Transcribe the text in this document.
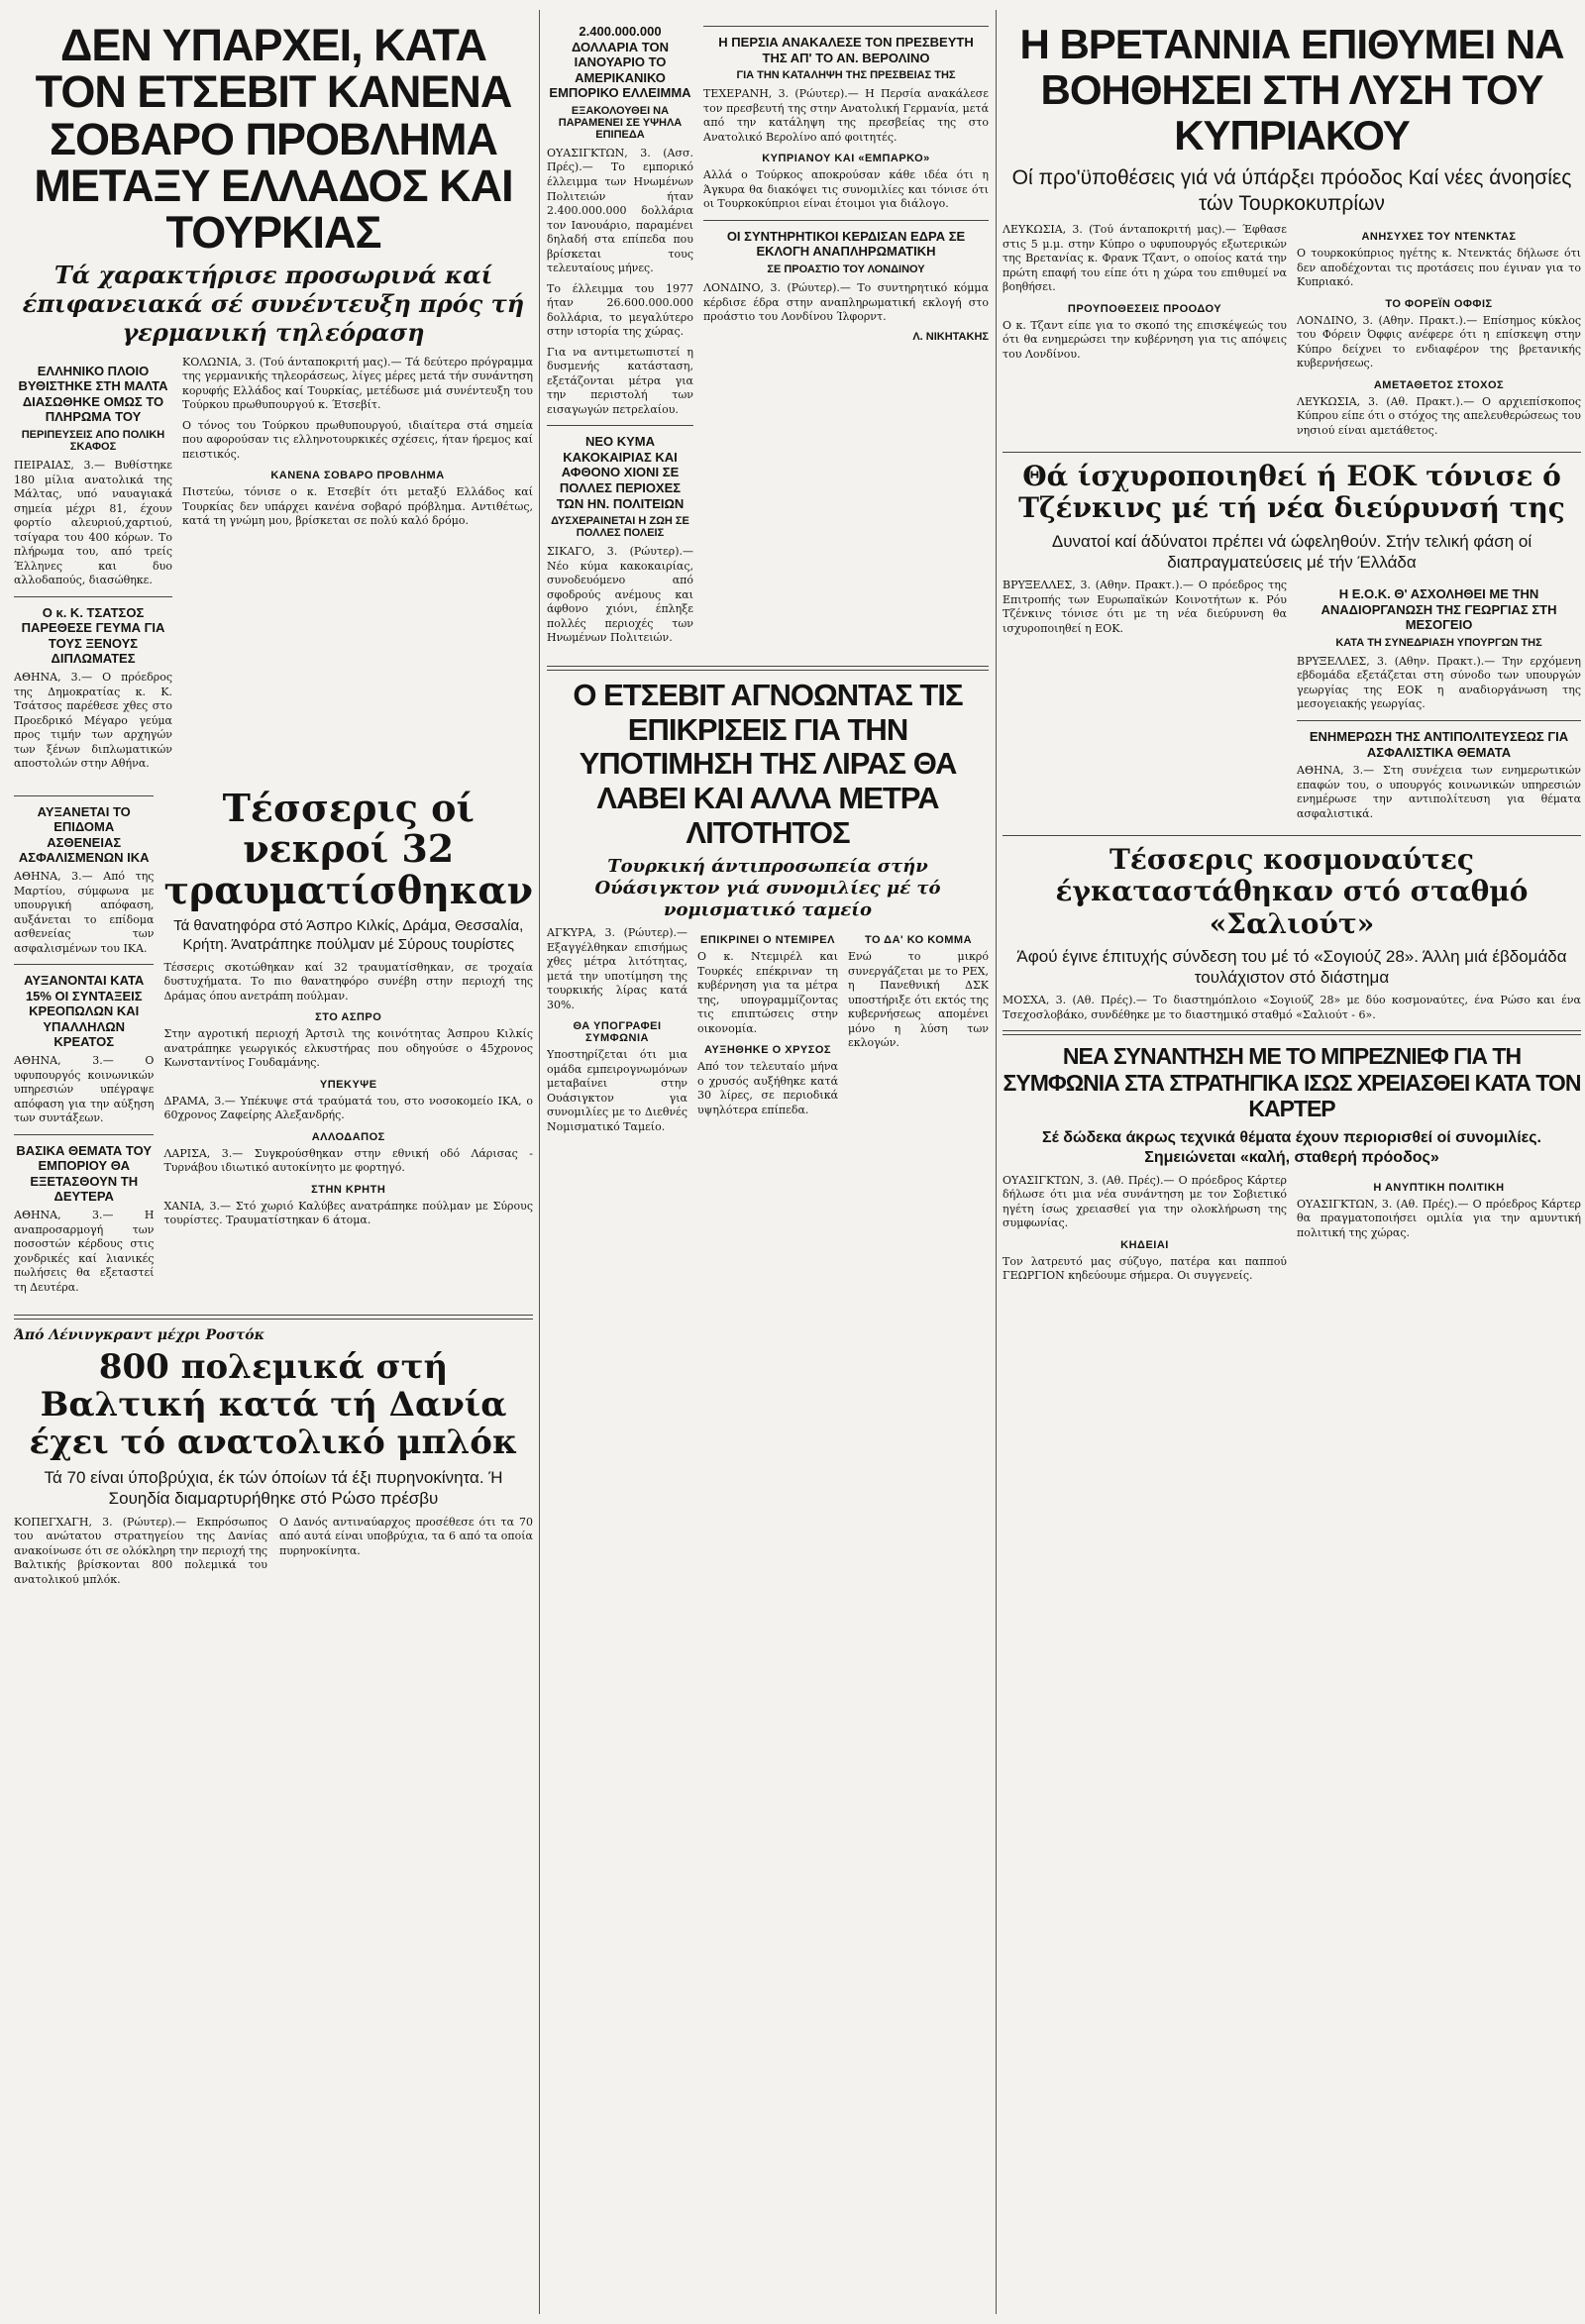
ΔΕΝ ΥΠΑΡΧΕΙ, ΚΑΤΑ ΤΟΝ ΕΤΣΕΒΙΤ ΚΑΝΕΝΑ ΣΟΒΑΡΟ ΠΡΟΒΛΗΜΑ ΜΕΤΑΞΥ ΕΛΛΑΔΟΣ ΚΑΙ ΤΟΥΡΚΙΑΣ

Τά χαρακτήρισε προσωρινά καί έπιφανειακά σέ συνέντευξη πρός τή γερμανική τηλεόραση

ΕΛΛΗΝΙΚΟ ΠΛΟΙΟ ΒΥΘΙΣΤΗΚΕ ΣΤΗ ΜΑΛΤΑ ΔΙΑΣΩΘΗΚΕ ΟΜΩΣ ΤΟ ΠΛΗΡΩΜΑ ΤΟΥ
ΠΕΡΙΠΕΥΣΕΙΣ ΑΠΟ ΠΟΛΙΚΗ ΣΚΑΦΟΣ

ΠΕΙΡΑΙΑΣ, 3.— Βυθίστηκε 180 μίλια ανατολικά της Μάλτας, υπό ναυαγιακά σημεία μέχρι 81, έχουν φορτίο αλευριού,χαρτιού, τσίγαρα του 400 κόρων. Το πλήρωμα του, από τρείς Έλληνες και δυο αλλοδαπούς, διασώθηκε.

Ο κ. Κ. ΤΣΑΤΣΟΣ ΠΑΡΕΘΕΣΕ ΓΕΥΜΑ ΓΙΑ ΤΟΥΣ ΞΕΝΟΥΣ ΔΙΠΛΩΜΑΤΕΣ

ΑΘΗΝΑ, 3.— Ο πρόεδρος της Δημοκρατίας κ. Κ. Τσάτσος παρέθεσε χθες στο Προεδρικό Μέγαρο γεύμα προς τιμήν των αρχηγών των ξένων διπλωματικών αποστολών στην Αθήνα.

ΚΟΛΩΝΙΑ, 3. (Τού άνταποκριτή μας).— Τά δεύτερο πρόγραμμα της γερμανικής τηλεοράσεως, λίγες μέρες μετά τήν συνάντηση κορυφής Ελλάδος καί Τουρκίας, μετέδωσε μιά συνέντευξη του Τούρκου πρωθυπουργού κ. Έτσεβίτ.

Ο τόνος του Τούρκου πρωθυπουργού, ιδιαίτερα στά σημεία που αφορούσαν τις ελληνοτουρκικές σχέσεις, ήταν ήρεμος καί πειστικός.

ΚΑΝΕΝΑ ΣΟΒΑΡΟ ΠΡΟΒΛΗΜΑ

Πιστεύω, τόνισε ο κ. Ετσεβίτ ότι μεταξύ Ελλάδος καί Τουρκίας δεν υπάρχει κανένα σοβαρό πρόβλημα. Αντιθέτως, κατά τη γνώμη μου, βρίσκεται σε πολύ καλό δρόμο.

ΑΥΞΑΝΕΤΑΙ ΤΟ ΕΠΙΔΟΜΑ ΑΣΘΕΝΕΙΑΣ ΑΣΦΑΛΙΣΜΕΝΩΝ ΙΚΑ

ΑΘΗΝΑ, 3.— Από της Μαρτίου, σύμφωνα με υπουργική απόφαση, αυξάνεται το επίδομα ασθενείας των ασφαλισμένων του ΙΚΑ.

ΑΥΞΑΝΟΝΤΑΙ ΚΑΤΑ 15% ΟΙ ΣΥΝΤΑΞΕΙΣ ΚΡΕΟΠΩΛΩΝ ΚΑΙ ΥΠΑΛΛΗΛΩΝ ΚΡΕΑΤΟΣ

ΑΘΗΝΑ, 3.— Ο υφυπουργός κοινωνικών υπηρεσιών υπέγραψε απόφαση για την αύξηση των συντάξεων.

ΒΑΣΙΚΑ ΘΕΜΑΤΑ ΤΟΥ ΕΜΠΟΡΙΟΥ ΘΑ ΕΞΕΤΑΣΘΟΥΝ ΤΗ ΔΕΥΤΕΡΑ

ΑΘΗΝΑ, 3.— Η αναπροσαρμογή των ποσοστών κέρδους στις χονδρικές καί λιανικές πωλήσεις θα εξεταστεί τη Δευτέρα.

Τέσσερις οί νεκροί 32 τραυματίσθηκαν

Τά θανατηφόρα στό Άσπρο Κιλκίς, Δράμα, Θεσσαλία, Κρήτη. Άνατράπηκε πούλμαν μέ Σύρους τουρίστες

Τέσσερις σκοτώθηκαν καί 32 τραυματίσθηκαν, σε τροχαία δυστυχήματα. Το πιο θανατηφόρο συνέβη στην περιοχή της Δράμας όπου ανετράπη πούλμαν.

ΣΤΟ ΑΣΠΡΟ

Στην αγροτική περιοχή Άρτσιλ της κοινότητας Άσπρου Κιλκίς ανατράπηκε γεωργικός ελκυστήρας που οδηγούσε ο 45χρονος Κωνσταντίνος Γουδαμάνης.

ΥΠΕΚΥΨΕ

ΔΡΑΜΑ, 3.— Υπέκυψε στά τραύματά του, στο νοσοκομείο ΙΚΑ, ο 60χρονος Ζαφείρης Αλεξανδρής.

ΑΛΛΟΔΑΠΟΣ

ΛΑΡΙΣΑ, 3.— Συγκρούσθηκαν στην εθνική οδό Λάρισας - Τυρνάβου ιδιωτικό αυτοκίνητο με φορτηγό.

ΣΤΗΝ ΚΡΗΤΗ

ΧΑΝΙΑ, 3.— Στό χωριό Καλύβες ανατράπηκε πούλμαν με Σύρους τουρίστες. Τραυματίστηκαν 6 άτομα.

Άπό Λένινγκραντ μέχρι Ροστόκ

800 πολεμικά στή Βαλτική κατά τή Δανία έχει τό ανατολικό μπλόκ

Τά 70 είναι ύποβρύχια, έκ τών όποίων τά έξι πυρηνοκίνητα. Ή Σουηδία διαμαρτυρήθηκε στό Ρώσο πρέσβυ

ΚΟΠΕΓΧΑΓΗ, 3. (Ρώυτερ).— Εκπρόσωπος του ανώτατου στρατηγείου της Δανίας ανακοίνωσε ότι σε ολόκληρη την περιοχή της Βαλτικής βρίσκονται 800 πολεμικά του ανατολικού μπλόκ.

Ο Δανός αντιναύαρχος προσέθεσε ότι τα 70 από αυτά είναι υποβρύχια, τα 6 από τα οποία πυρηνοκίνητα.

2.400.000.000 ΔΟΛΛΑΡΙΑ ΤΟΝ ΙΑΝΟΥΑΡΙΟ ΤΟ ΑΜΕΡΙΚΑΝΙΚΟ ΕΜΠΟΡΙΚΟ ΕΛΛΕΙΜΜΑ
ΕΞΑΚΟΛΟΥΘΕΙ ΝΑ ΠΑΡΑΜΕΝΕΙ ΣΕ ΥΨΗΛΑ ΕΠΙΠΕΔΑ

ΟΥΑΣΙΓΚΤΩΝ, 3. (Ασσ. Πρές).— Το εμπορικό έλλειμμα των Ηνωμένων Πολιτειών ήταν 2.400.000.000 δολλάρια τον Ιανουάριο, παραμένει δηλαδή στα επίπεδα που βρίσκεται τους τελευταίους μήνες.

Το έλλειμμα του 1977 ήταν 26.600.000.000 δολλάρια, το μεγαλύτερο στην ιστορία της χώρας.

Για να αντιμετωπιστεί η δυσμενής κατάσταση, εξετάζονται μέτρα για την περιστολή των εισαγωγών πετρελαίου.

ΝΕΟ ΚΥΜΑ ΚΑΚΟΚΑΙΡΙΑΣ ΚΑΙ ΑΦΘΟΝΟ ΧΙΟΝΙ ΣΕ ΠΟΛΛΕΣ ΠΕΡΙΟΧΕΣ ΤΩΝ ΗΝ. ΠΟΛΙΤΕΙΩΝ
ΔΥΣΧΕΡΑΙΝΕΤΑΙ Η ΖΩΗ ΣΕ ΠΟΛΛΕΣ ΠΟΛΕΙΣ

ΣΙΚΑΓΟ, 3. (Ρώυτερ).— Νέο κύμα κακοκαιρίας, συνοδευόμενο από σφοδρούς ανέμους και άφθονο χιόνι, έπληξε πολλές περιοχές των Ηνωμένων Πολιτειών.

Η ΠΕΡΣΙΑ ΑΝΑΚΑΛΕΣΕ ΤΟΝ ΠΡΕΣΒΕΥΤΗ ΤΗΣ ΑΠ' ΤΟ ΑΝ. ΒΕΡΟΛΙΝΟ
ΓΙΑ ΤΗΝ ΚΑΤΑΛΗΨΗ ΤΗΣ ΠΡΕΣΒΕΙΑΣ ΤΗΣ

ΤΕΧΕΡΑΝΗ, 3. (Ρώυτερ).— Η Περσία ανακάλεσε τον πρεσβευτή της στην Ανατολική Γερμανία, μετά από την κατάληψη της πρεσβείας της στο Ανατολικό Βερολίνο από φοιτητές.

ΚΥΠΡΙΑΝΟΥ ΚΑΙ «ΕΜΠΑΡΚΟ»

Αλλά ο Τούρκος αποκρούσαν κάθε ιδέα ότι η Άγκυρα θα διακόψει τις συνομιλίες και τόνισε ότι οι Τουρκοκύπριοι είναι έτοιμοι για διάλογο.

ΟΙ ΣΥΝΤΗΡΗΤΙΚΟΙ ΚΕΡΔΙΣΑΝ ΕΔΡΑ ΣΕ ΕΚΛΟΓΗ ΑΝΑΠΛΗΡΩΜΑΤΙΚΗ
ΣΕ ΠΡΟΑΣΤΙΟ ΤΟΥ ΛΟΝΔΙΝΟΥ

ΛΟΝΔΙΝΟ, 3. (Ρώυτερ).— Το συντηρητικό κόμμα κέρδισε έδρα στην αναπληρωματική εκλογή στο προάστιο του Λονδίνου Ίλφορντ.

Λ. ΝΙΚΗΤΑΚΗΣ
Ο ΕΤΣΕΒΙΤ ΑΓΝΟΩΝΤΑΣ ΤΙΣ ΕΠΙΚΡΙΣΕΙΣ ΓΙΑ ΤΗΝ ΥΠΟΤΙΜΗΣΗ ΤΗΣ ΛΙΡΑΣ ΘΑ ΛΑΒΕΙ ΚΑΙ ΑΛΛΑ ΜΕΤΡΑ ΛΙΤΟΤΗΤΟΣ

Τουρκική άντιπροσωπεία στήν Ούάσιγκτον γιά συνομιλίες μέ τό νομισματικό ταμείο

ΑΓΚΥΡΑ, 3. (Ρώυτερ).— Εξαγγέλθηκαν επισήμως χθες μέτρα λιτότητας, μετά την υποτίμηση της τουρκικής λίρας κατά 30%.

ΘΑ ΥΠΟΓΡΑΦΕΙ ΣΥΜΦΩΝΙΑ

Υποστηρίζεται ότι μια ομάδα εμπειρογνωμόνων μεταβαίνει στην Ουάσιγκτον για συνομιλίες με το Διεθνές Νομισματικό Ταμείο.

ΕΠΙΚΡΙΝΕΙ Ο ΝΤΕΜΙΡΕΛ

Ο κ. Ντεμιρέλ και Τουρκές επέκριναν τη κυβέρνηση για τα μέτρα της, υπογραμμίζοντας τις επιπτώσεις στην οικονομία.

ΑΥΞΗΘΗΚΕ Ο ΧΡΥΣΟΣ

Από τον τελευταίο μήνα ο χρυσός αυξήθηκε κατά 30 λίρες, σε περιοδικά υψηλότερα επίπεδα.

ΤΟ ΔΑ' ΚΟ ΚΟΜΜΑ

Ενώ το μικρό συνεργάζεται με το ΡΕΧ, η Πανεθνική ΔΣΚ υποστήριξε ότι εκτός της κυβερνήσεως απομένει μόνο η λύση των εκλογών.

Η ΒΡΕΤΑΝΝΙΑ ΕΠΙΘΥΜΕΙ ΝΑ ΒΟΗΘΗΣΕΙ ΣΤΗ ΛΥΣΗ ΤΟΥ ΚΥΠΡΙΑΚΟΥ

Οί προ'ϋποθέσεις γιά νά ύπάρξει πρόοδος Καί νέες άνοησίες τών Τουρκοκυπρίων

ΛΕΥΚΩΣΙΑ, 3. (Τού άνταποκριτή μας).— Έφθασε στις 5 μ.μ. στην Κύπρο ο υφυπουργός εξωτερικών της Βρετανίας κ. Φρανκ Τζαντ, ο οποίος κατά την πρώτη επαφή του είπε ότι η χώρα του επιθυμεί να βοηθήσει.

ΠΡΟΥΠΟΘΕΣΕΙΣ ΠΡΟΟΔΟΥ

Ο κ. Τζαντ είπε για το σκοπό της επισκέψεώς του ότι θα ενημερώσει την κυβέρνηση για τις απόψεις του Λονδίνου.

ΑΝΗΣΥΧΕΣ ΤΟΥ ΝΤΕΝΚΤΑΣ

Ο τουρκοκύπριος ηγέτης κ. Ντενκτάς δήλωσε ότι δεν αποδέχονται τις προτάσεις που έγιναν για το Κυπριακό.

ΤΟ ΦΟΡΕΪΝ ΟΦΦΙΣ

ΛΟΝΔΙΝΟ, 3. (Αθην. Πρακτ.).— Επίσημος κύκλος του Φόρειν Όφφις ανέφερε ότι η επίσκεψη στην Κύπρο δείχνει το ενδιαφέρον της βρετανικής κυβερνήσεως.

ΑΜΕΤΑΘΕΤΟΣ ΣΤΟΧΟΣ

ΛΕΥΚΩΣΙΑ, 3. (Αθ. Πρακτ.).— Ο αρχιεπίσκοπος Κύπρου είπε ότι ο στόχος της απελευθερώσεως του νησιού είναι αμετάθετος.

Θά ίσχυροποιηθεί ή ΕΟΚ τόνισε ό Τζένκινς μέ τή νέα διεύρυνσή της

Δυνατοί καί άδύνατοι πρέπει νά ώφεληθούν. Στήν τελική φάση οί διαπραγματεύσεις μέ τήν Έλλάδα

ΒΡΥΞΕΛΛΕΣ, 3. (Αθην. Πρακτ.).— Ο πρόεδρος της Επιτροπής των Ευρωπαϊκών Κοινοτήτων κ. Ρόυ Τζένκινς τόνισε ότι με τη νέα διεύρυνση θα ισχυροποιηθεί η ΕΟΚ.

Η Ε.Ο.Κ. Θ' ΑΣΧΟΛΗΘΕΙ ΜΕ ΤΗΝ ΑΝΑΔΙΟΡΓΑΝΩΣΗ ΤΗΣ ΓΕΩΡΓΙΑΣ ΣΤΗ ΜΕΣΟΓΕΙΟ
ΚΑΤΑ ΤΗ ΣΥΝΕΔΡΙΑΣΗ ΥΠΟΥΡΓΩΝ ΤΗΣ

ΒΡΥΞΕΛΛΕΣ, 3. (Αθην. Πρακτ.).— Την ερχόμενη εβδομάδα εξετάζεται στη σύνοδο των υπουργών γεωργίας της ΕΟΚ η αναδιοργάνωση της μεσογειακής γεωργίας.

ΕΝΗΜΕΡΩΣΗ ΤΗΣ ΑΝΤΙΠΟΛΙΤΕΥΣΕΩΣ ΓΙΑ ΑΣΦΑΛΙΣΤΙΚΑ ΘΕΜΑΤΑ

ΑΘΗΝΑ, 3.— Στη συνέχεια των ενημερωτικών επαφών του, ο υπουργός κοινωνικών υπηρεσιών ενημέρωσε την αντιπολίτευση για θέματα ασφαλιστικά.

Τέσσερις κοσμοναύτες έγκαταστάθηκαν στό σταθμό «Σαλιούτ»

Άφού έγινε έπιτυχής σύνδεση του μέ τό «Σογιούζ 28». Άλλη μιά έβδομάδα τουλάχιστον στό διάστημα

ΜΟΣΧΑ, 3. (Αθ. Πρές).— Το διαστημόπλοιο «Σογιούζ 28» με δύο κοσμοναύτες, ένα Ρώσο και ένα Τσεχοσλοβάκο, συνδέθηκε με το διαστημικό σταθμό «Σαλιούτ - 6».

ΝΕΑ ΣΥΝΑΝΤΗΣΗ ΜΕ ΤΟ ΜΠΡΕΖΝΙΕΦ ΓΙΑ ΤΗ ΣΥΜΦΩΝΙΑ ΣΤΑ ΣΤΡΑΤΗΓΙΚΑ ΙΣΩΣ ΧΡΕΙΑΣΘΕΙ ΚΑΤΑ ΤΟΝ ΚΑΡΤΕΡ

Σέ δώδεκα άκρως τεχνικά θέματα έχουν περιορισθεί οί συνομιλίες. Σημειώνεται «καλή, σταθερή πρόοδος»

ΟΥΑΣΙΓΚΤΩΝ, 3. (Αθ. Πρές).— Ο πρόεδρος Κάρτερ δήλωσε ότι μια νέα συνάντηση με τον Σοβιετικό ηγέτη ίσως χρειασθεί για την ολοκλήρωση της συμφωνίας.

ΚΗΔΕΙΑΙ

Τον λατρευτό μας σύζυγο, πατέρα και παππού ΓΕΩΡΓΙΟΝ κηδεύουμε σήμερα. Οι συγγενείς.

Η ΑΝΥΠΤΙΚΗ ΠΟΛΙΤΙΚΗ

ΟΥΑΣΙΓΚΤΩΝ, 3. (Αθ. Πρές).— Ο πρόεδρος Κάρτερ θα πραγματοποιήσει ομιλία για την αμυντική πολιτική της χώρας.
